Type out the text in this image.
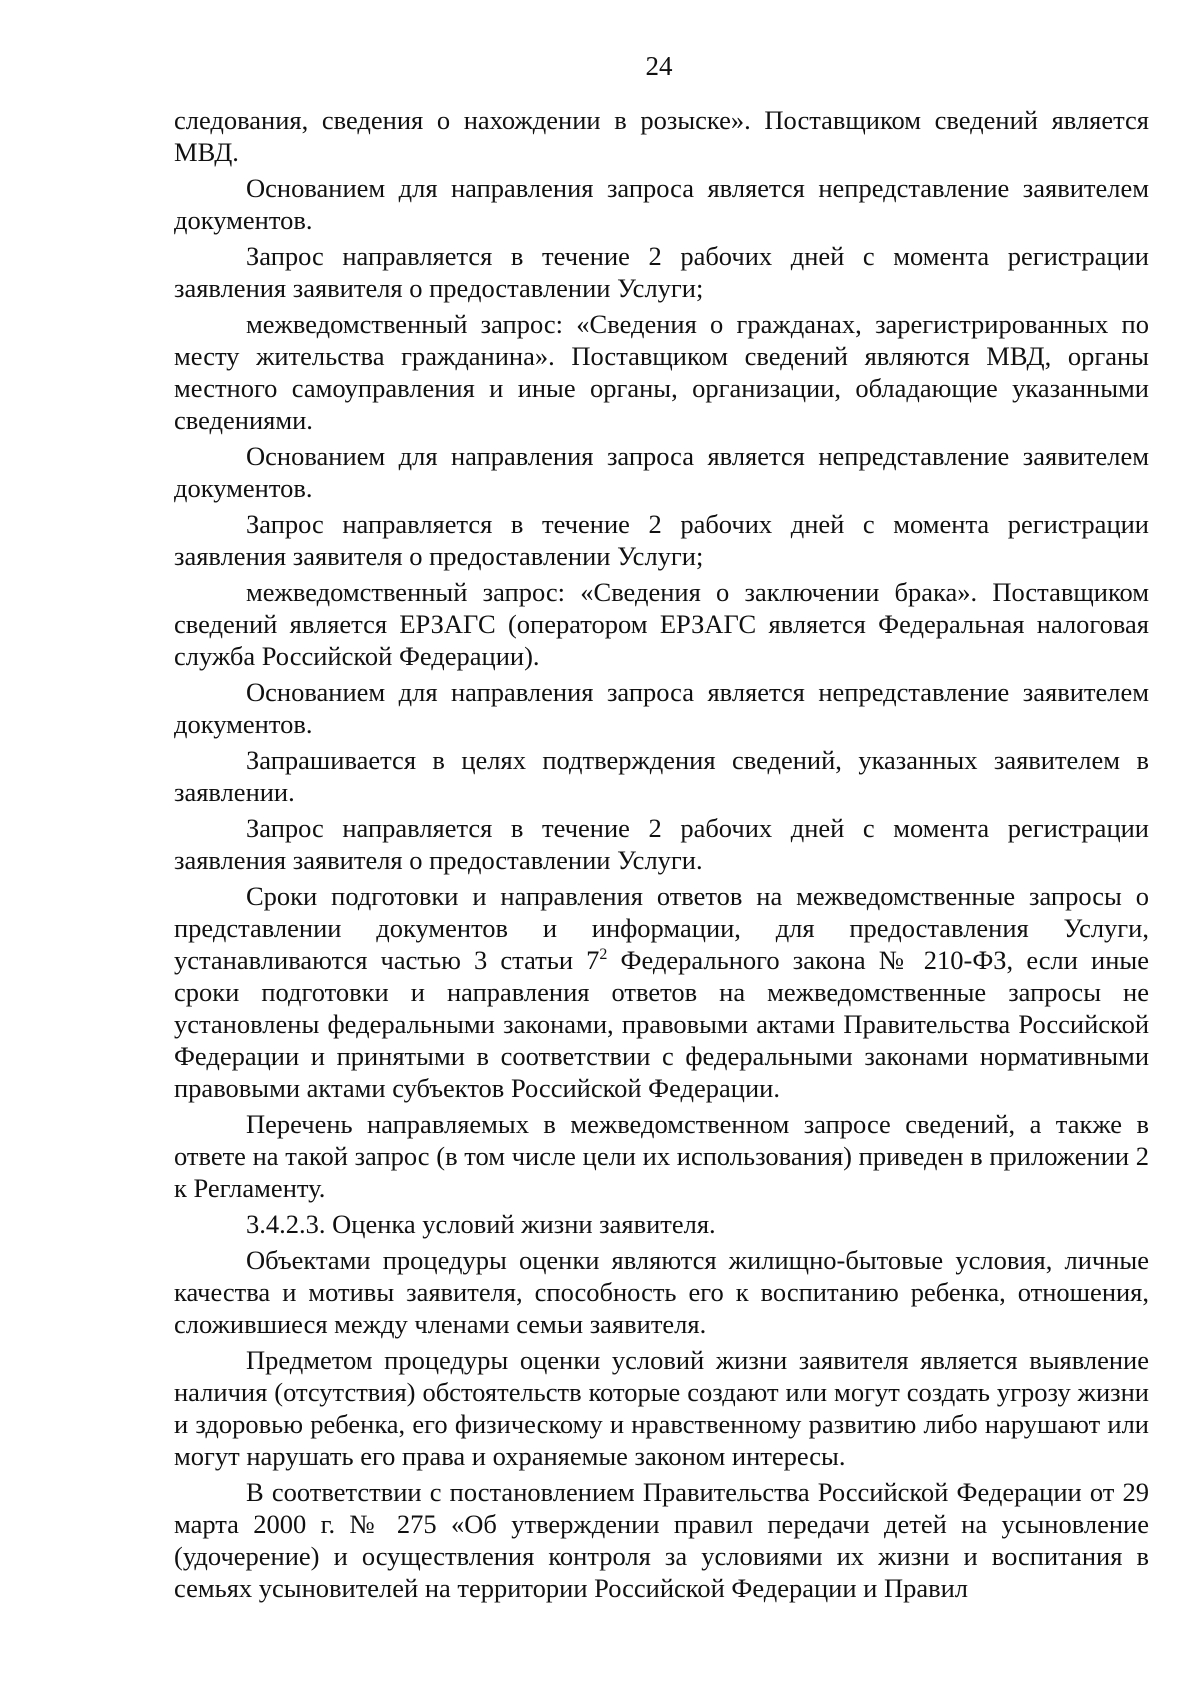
24

следования, сведения о нахождении в розыске». Поставщиком сведений является МВД.

Основанием для направления запроса является непредставление заявителем документов.

Запрос направляется в течение 2 рабочих дней с момента регистрации заявления заявителя о предоставлении Услуги;

межведомственный запрос: «Сведения о гражданах, зарегистрированных по месту жительства гражданина». Поставщиком сведений являются МВД, органы местного самоуправления и иные органы, организации, обладающие указанными сведениями.

Основанием для направления запроса является непредставление заявителем документов.

Запрос направляется в течение 2 рабочих дней с момента регистрации заявления заявителя о предоставлении Услуги;

межведомственный запрос: «Сведения о заключении брака». Поставщиком сведений является ЕРЗАГС (оператором ЕРЗАГС является Федеральная налоговая служба Российской Федерации).

Основанием для направления запроса является непредставление заявителем документов.

Запрашивается в целях подтверждения сведений, указанных заявителем в заявлении.

Запрос направляется в течение 2 рабочих дней с момента регистрации заявления заявителя о предоставлении Услуги.

Сроки подготовки и направления ответов на межведомственные запросы о представлении документов и информации, для предоставления Услуги, устанавливаются частью 3 статьи $7^2$ Федерального закона № 210-ФЗ, если иные сроки подготовки и направления ответов на межведомственные запросы не установлены федеральными законами, правовыми актами Правительства Российской Федерации и принятыми в соответствии с федеральными законами нормативными правовыми актами субъектов Российской Федерации.

Перечень направляемых в межведомственном запросе сведений, а также в ответе на такой запрос (в том числе цели их использования) приведен в приложении 2 к Регламенту.

3.4.2.3. Оценка условий жизни заявителя.

Объектами процедуры оценки являются жилищно-бытовые условия, личные качества и мотивы заявителя, способность его к воспитанию ребенка, отношения, сложившиеся между членами семьи заявителя.

Предметом процедуры оценки условий жизни заявителя является выявление наличия (отсутствия) обстоятельств которые создают или могут создать угрозу жизни и здоровью ребенка, его физическому и нравственному развитию либо нарушают или могут нарушать его права и охраняемые законом интересы.

В соответствии с постановлением Правительства Российской Федерации от 29 марта 2000 г. № 275 «Об утверждении правил передачи детей на усыновление (удочерение) и осуществления контроля за условиями их жизни и воспитания в семьях усыновителей на территории Российской Федерации и Правил
